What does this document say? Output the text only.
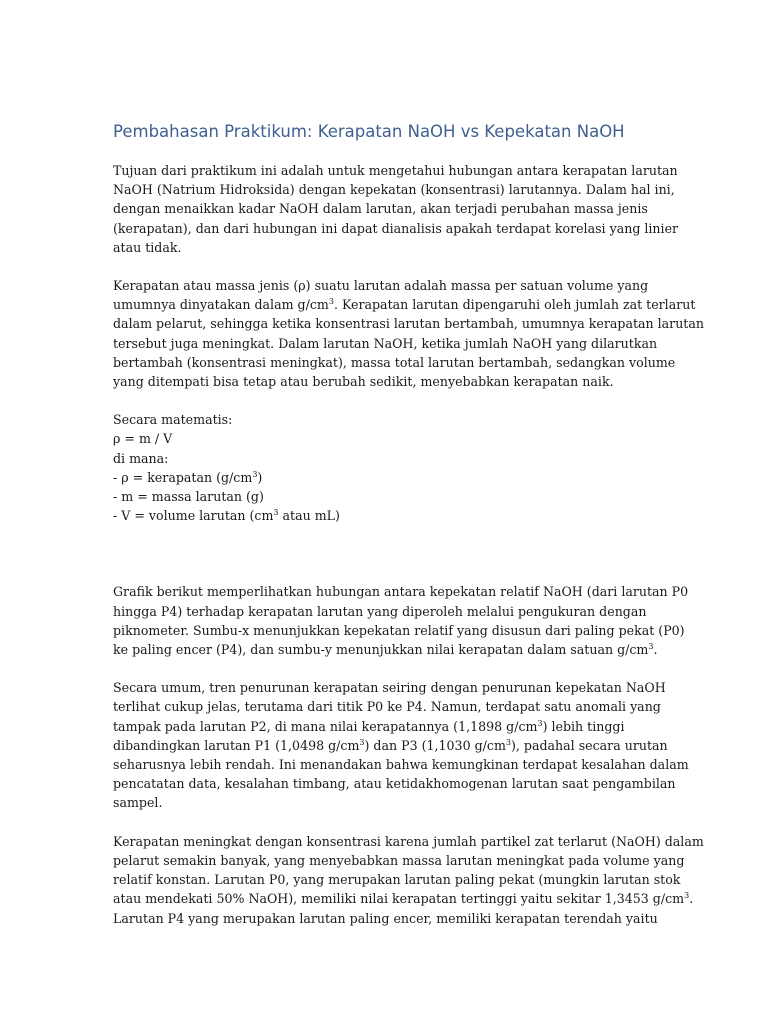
Pembahasan Praktikum: Kerapatan NaOH vs Kepekatan NaOH
Tujuan dari praktikum ini adalah untuk mengetahui hubungan antara kerapatan larutan
NaOH (Natrium Hidroksida) dengan kepekatan (konsentrasi) larutannya. Dalam hal ini,
dengan menaikkan kadar NaOH dalam larutan, akan terjadi perubahan massa jenis
(kerapatan), dan dari hubungan ini dapat dianalisis apakah terdapat korelasi yang linier
atau tidak.
Kerapatan atau massa jenis (ρ) suatu larutan adalah massa per satuan volume yang
umumnya dinyatakan dalam $g/cm^3$. Kerapatan larutan dipengaruhi oleh jumlah zat terlarut
dalam pelarut, sehingga ketika konsentrasi larutan bertambah, umumnya kerapatan larutan
tersebut juga meningkat. Dalam larutan NaOH, ketika jumlah NaOH yang dilarutkan
bertambah (konsentrasi meningkat), massa total larutan bertambah, sedangkan volume
yang ditempati bisa tetap atau berubah sedikit, menyebabkan kerapatan naik.
Secara matematis:
ρ = m / V
di mana:
- ρ = kerapatan $(g/cm^3)$
- m = massa larutan (g)
- V = volume larutan ($cm^3$ atau mL)
Grafik berikut memperlihatkan hubungan antara kepekatan relatif NaOH (dari larutan P0
hingga P4) terhadap kerapatan larutan yang diperoleh melalui pengukuran dengan
piknometer. Sumbu-x menunjukkan kepekatan relatif yang disusun dari paling pekat (P0)
ke paling encer (P4), dan sumbu-y menunjukkan nilai kerapatan dalam satuan $g/cm^3$.
Secara umum, tren penurunan kerapatan seiring dengan penurunan kepekatan NaOH
terlihat cukup jelas, terutama dari titik P0 ke P4. Namun, terdapat satu anomali yang
tampak pada larutan P2, di mana nilai kerapatannya (1,1898 $g/cm^3$) lebih tinggi
dibandingkan larutan P1 (1,0498 $g/cm^3$) dan P3 (1,1030 $g/cm^3$), padahal secara urutan
seharusnya lebih rendah. Ini menandakan bahwa kemungkinan terdapat kesalahan dalam
pencatatan data, kesalahan timbang, atau ketidakhomogenan larutan saat pengambilan
sampel.
Kerapatan meningkat dengan konsentrasi karena jumlah partikel zat terlarut (NaOH) dalam
pelarut semakin banyak, yang menyebabkan massa larutan meningkat pada volume yang
relatif konstan. Larutan P0, yang merupakan larutan paling pekat (mungkin larutan stok
atau mendekati 50% NaOH), memiliki nilai kerapatan tertinggi yaitu sekitar 1,3453 $g/cm^3$.
Larutan P4 yang merupakan larutan paling encer, memiliki kerapatan terendah yaitu
